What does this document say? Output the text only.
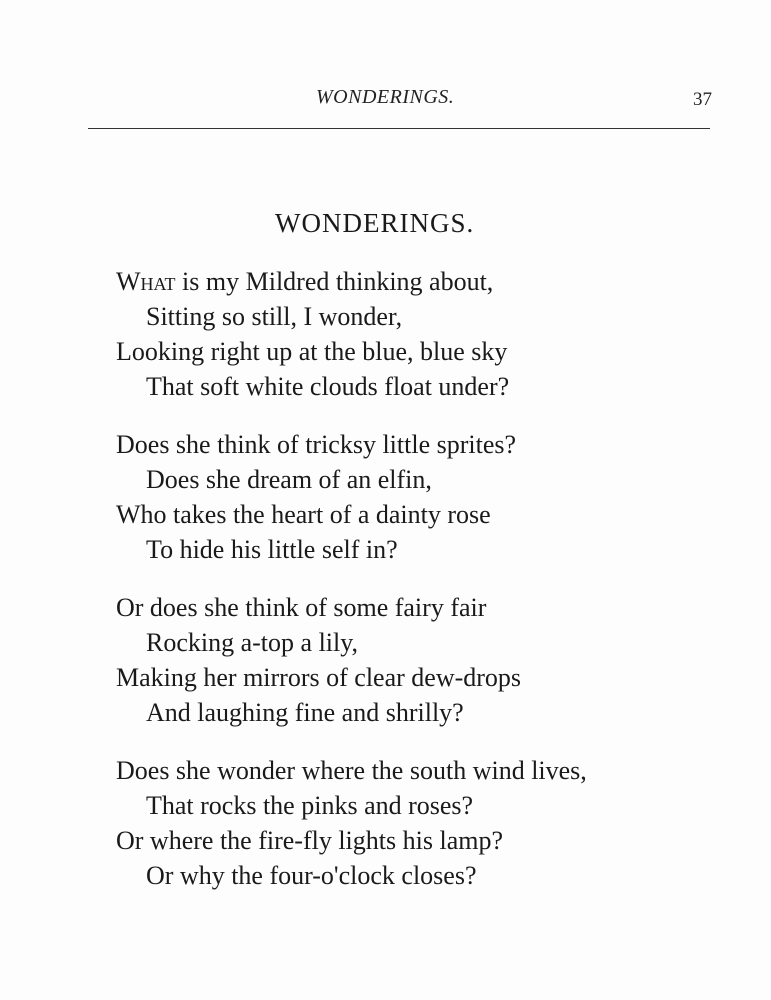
WONDERINGS.	37
WONDERINGS.
What is my Mildred thinking about,
Sitting so still, I wonder,
Looking right up at the blue, blue sky
That soft white clouds float under?
Does she think of tricksy little sprites?
Does she dream of an elfin,
Who takes the heart of a dainty rose
To hide his little self in?
Or does she think of some fairy fair
Rocking a-top a lily,
Making her mirrors of clear dew-drops
And laughing fine and shrilly?
Does she wonder where the south wind lives,
That rocks the pinks and roses?
Or where the fire-fly lights his lamp?
Or why the four-o'clock closes?
